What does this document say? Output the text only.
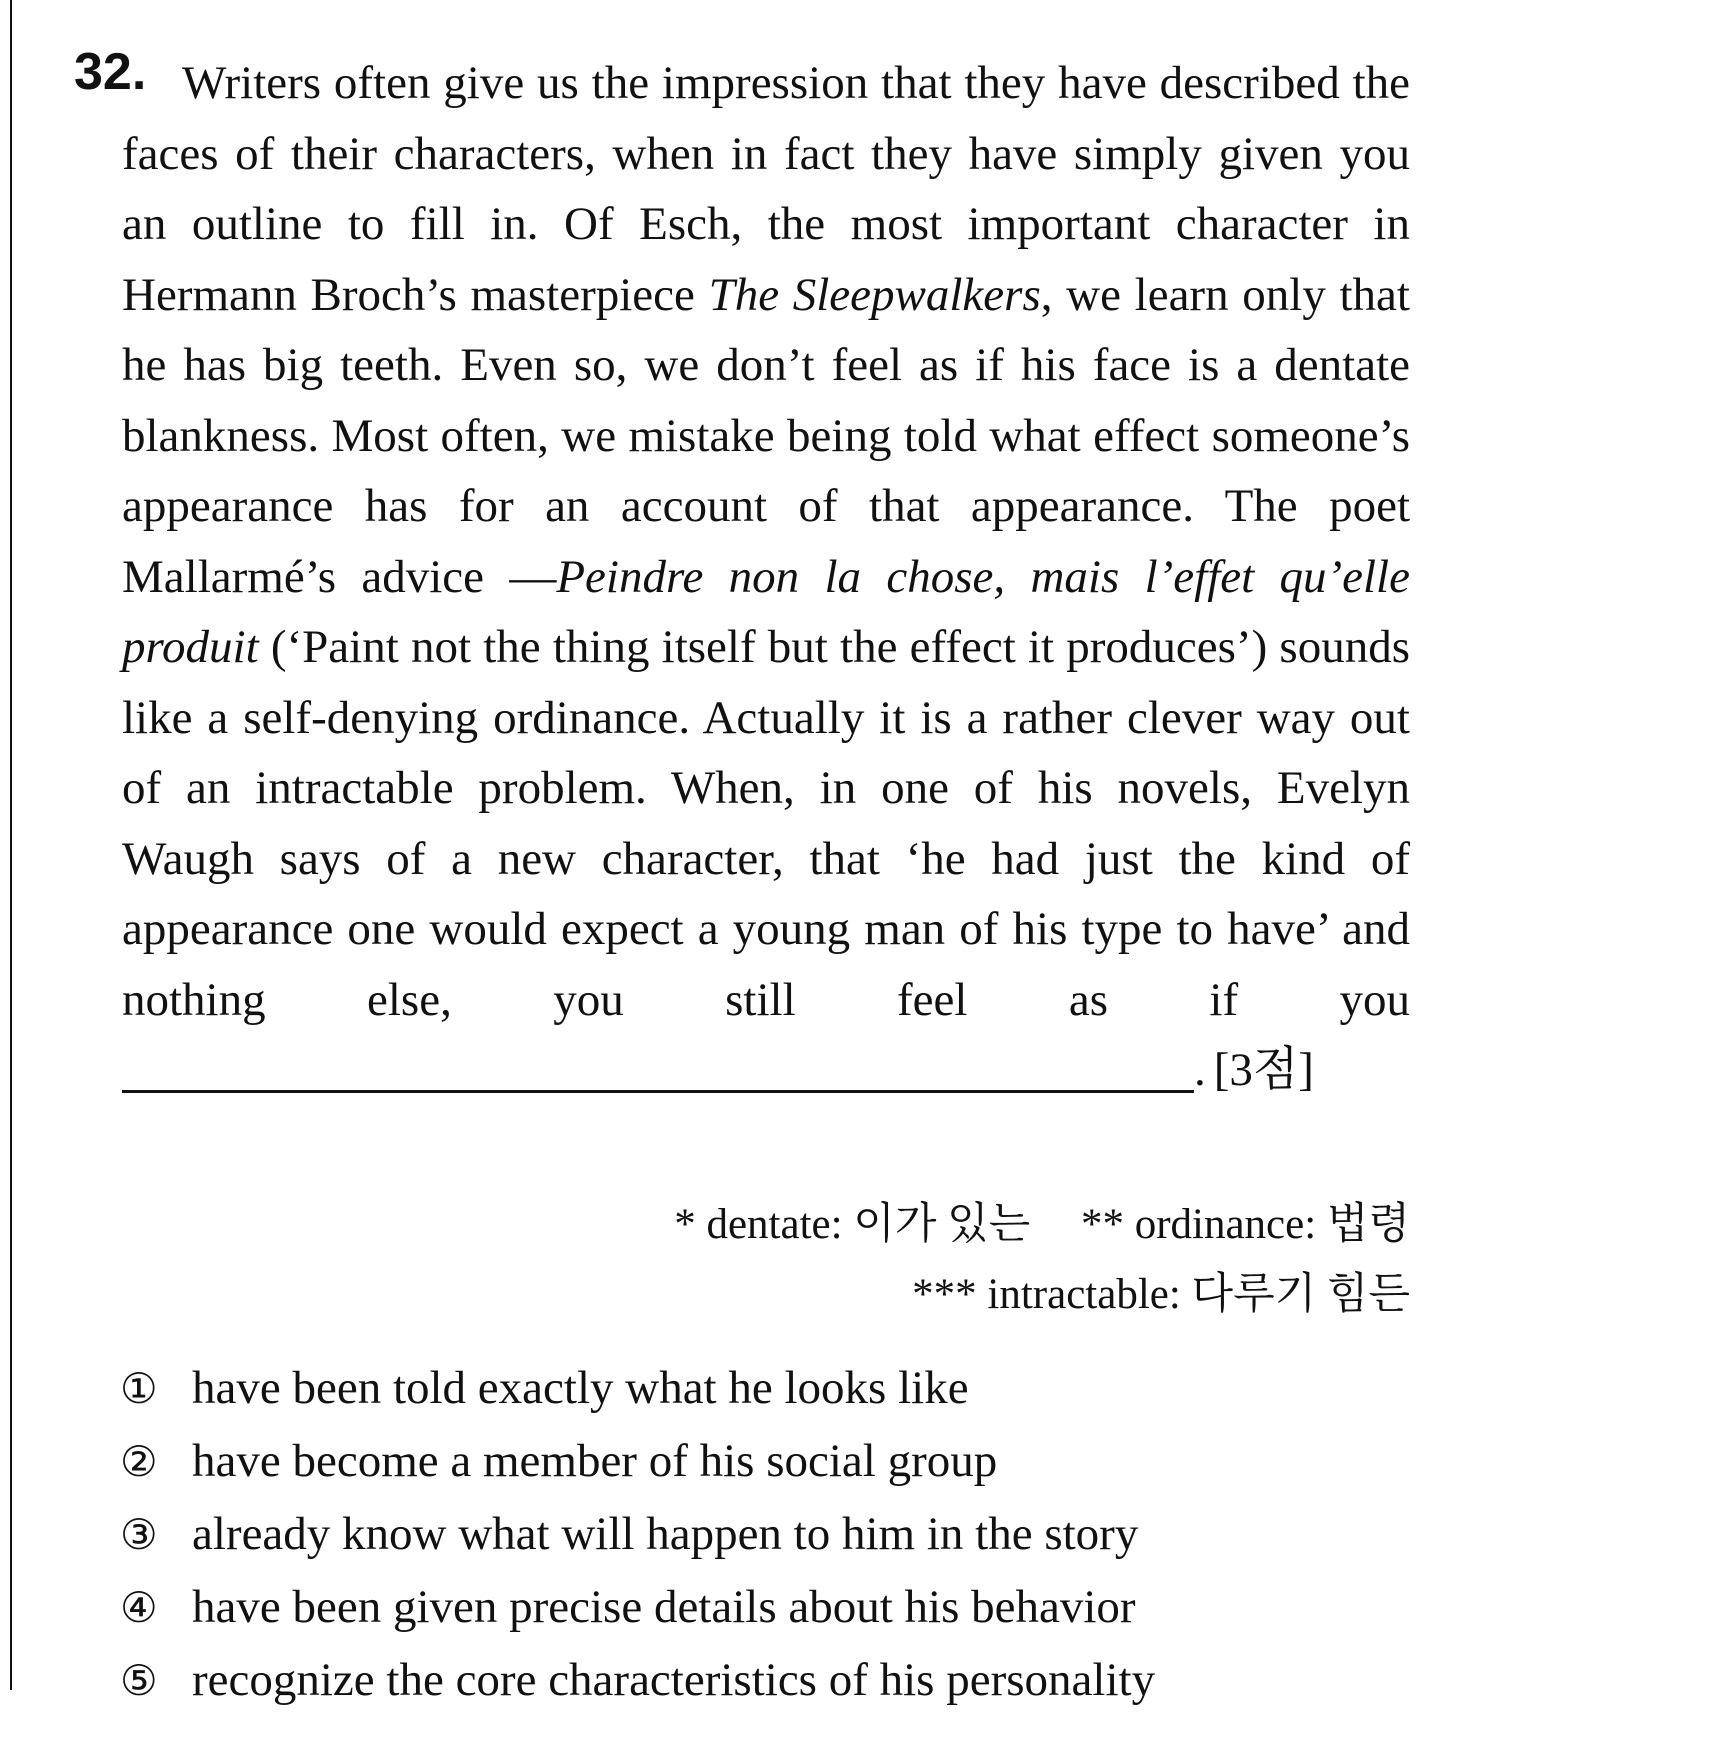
32. Writers often give us the impression that they have described the faces of their characters, when in fact they have simply given you an outline to fill in. Of Esch, the most important character in Hermann Broch’s masterpiece The Sleepwalkers, we learn only that he has big teeth. Even so, we don’t feel as if his face is a dentate blankness. Most often, we mistake being told what effect someone’s appearance has for an account of that appearance. The poet Mallarmé’s advice —Peindre non la chose, mais l’effet qu’elle produit (‘Paint not the thing itself but the effect it produces’) sounds like a self-denying ordinance. Actually it is a rather clever way out of an intractable problem. When, in one of his novels, Evelyn Waugh says of a new character, that ‘he had just the kind of appearance one would expect a young man of his type to have’ and nothing else, you still feel as if you . [3점]

* dentate: 이가 있는 ** ordinance: 법령
*** intractable: 다루기 힘든
① have been told exactly what he looks like
② have become a member of his social group
③ already know what will happen to him in the story
④ have been given precise details about his behavior
⑤ recognize the core characteristics of his personality
